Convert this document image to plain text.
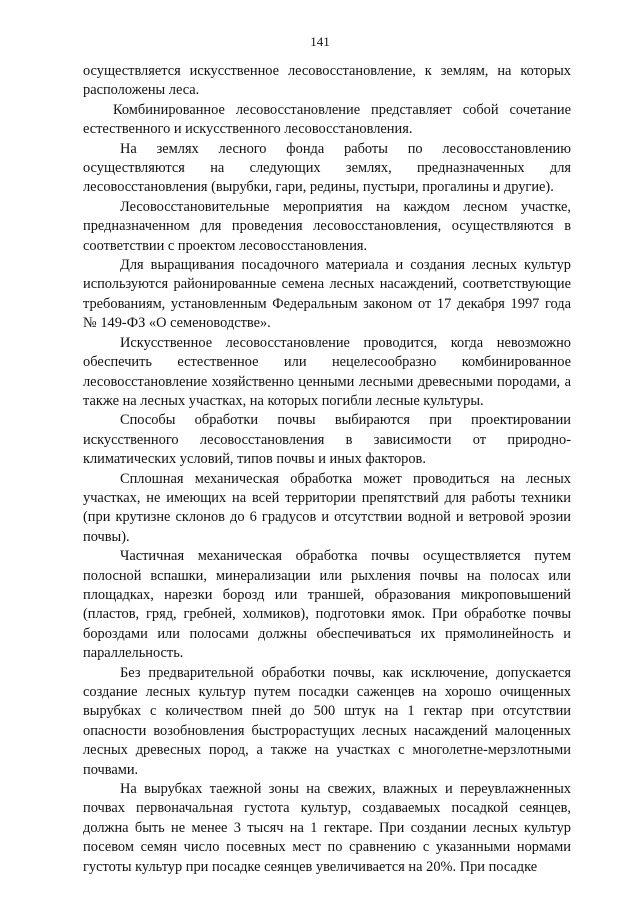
141

осуществляется искусственное лесовосстановление, к землям, на которых расположены леса.

Комбинированное лесовосстановление представляет собой сочетание естественного и искусственного лесовосстановления.

На землях лесного фонда работы по лесовосстановлению осуществляются на следующих землях, предназначенных для лесовосстановления (вырубки, гари, редины, пустыри, прогалины и другие).

Лесовосстановительные мероприятия на каждом лесном участке, предназначенном для проведения лесовосстановления, осуществляются в соответствии с проектом лесовосстановления.

Для выращивания посадочного материала и создания лесных культур используются районированные семена лесных насаждений, соответствующие требованиям, установленным Федеральным законом от 17 декабря 1997 года № 149-ФЗ «О семеноводстве».

Искусственное лесовосстановление проводится, когда невозможно обеспечить естественное или нецелесообразно комбинированное лесовосстановление хозяйственно ценными лесными древесными породами, а также на лесных участках, на которых погибли лесные культуры.

Способы обработки почвы выбираются при проектировании искусственного лесовосстановления в зависимости от природно-климатических условий, типов почвы и иных факторов.

Сплошная механическая обработка может проводиться на лесных участках, не имеющих на всей территории препятствий для работы техники (при крутизне склонов до 6 градусов и отсутствии водной и ветровой эрозии почвы).

Частичная механическая обработка почвы осуществляется путем полосной вспашки, минерализации или рыхления почвы на полосах или площадках, нарезки борозд или траншей, образования микроповышений (пластов, гряд, гребней, холмиков), подготовки ямок. При обработке почвы бороздами или полосами должны обеспечиваться их прямолинейность и параллельность.

Без предварительной обработки почвы, как исключение, допускается создание лесных культур путем посадки саженцев на хорошо очищенных вырубках с количеством пней до 500 штук на 1 гектар при отсутствии опасности возобновления быстрорастущих лесных насаждений малоценных лесных древесных пород, а также на участках с многолетне-мерзлотными почвами.

На вырубках таежной зоны на свежих, влажных и переувлажненных почвах первоначальная густота культур, создаваемых посадкой сеянцев, должна быть не менее 3 тысяч на 1 гектаре. При создании лесных культур посевом семян число посевных мест по сравнению с указанными нормами густоты культур при посадке сеянцев увеличивается на 20%. При посадке
